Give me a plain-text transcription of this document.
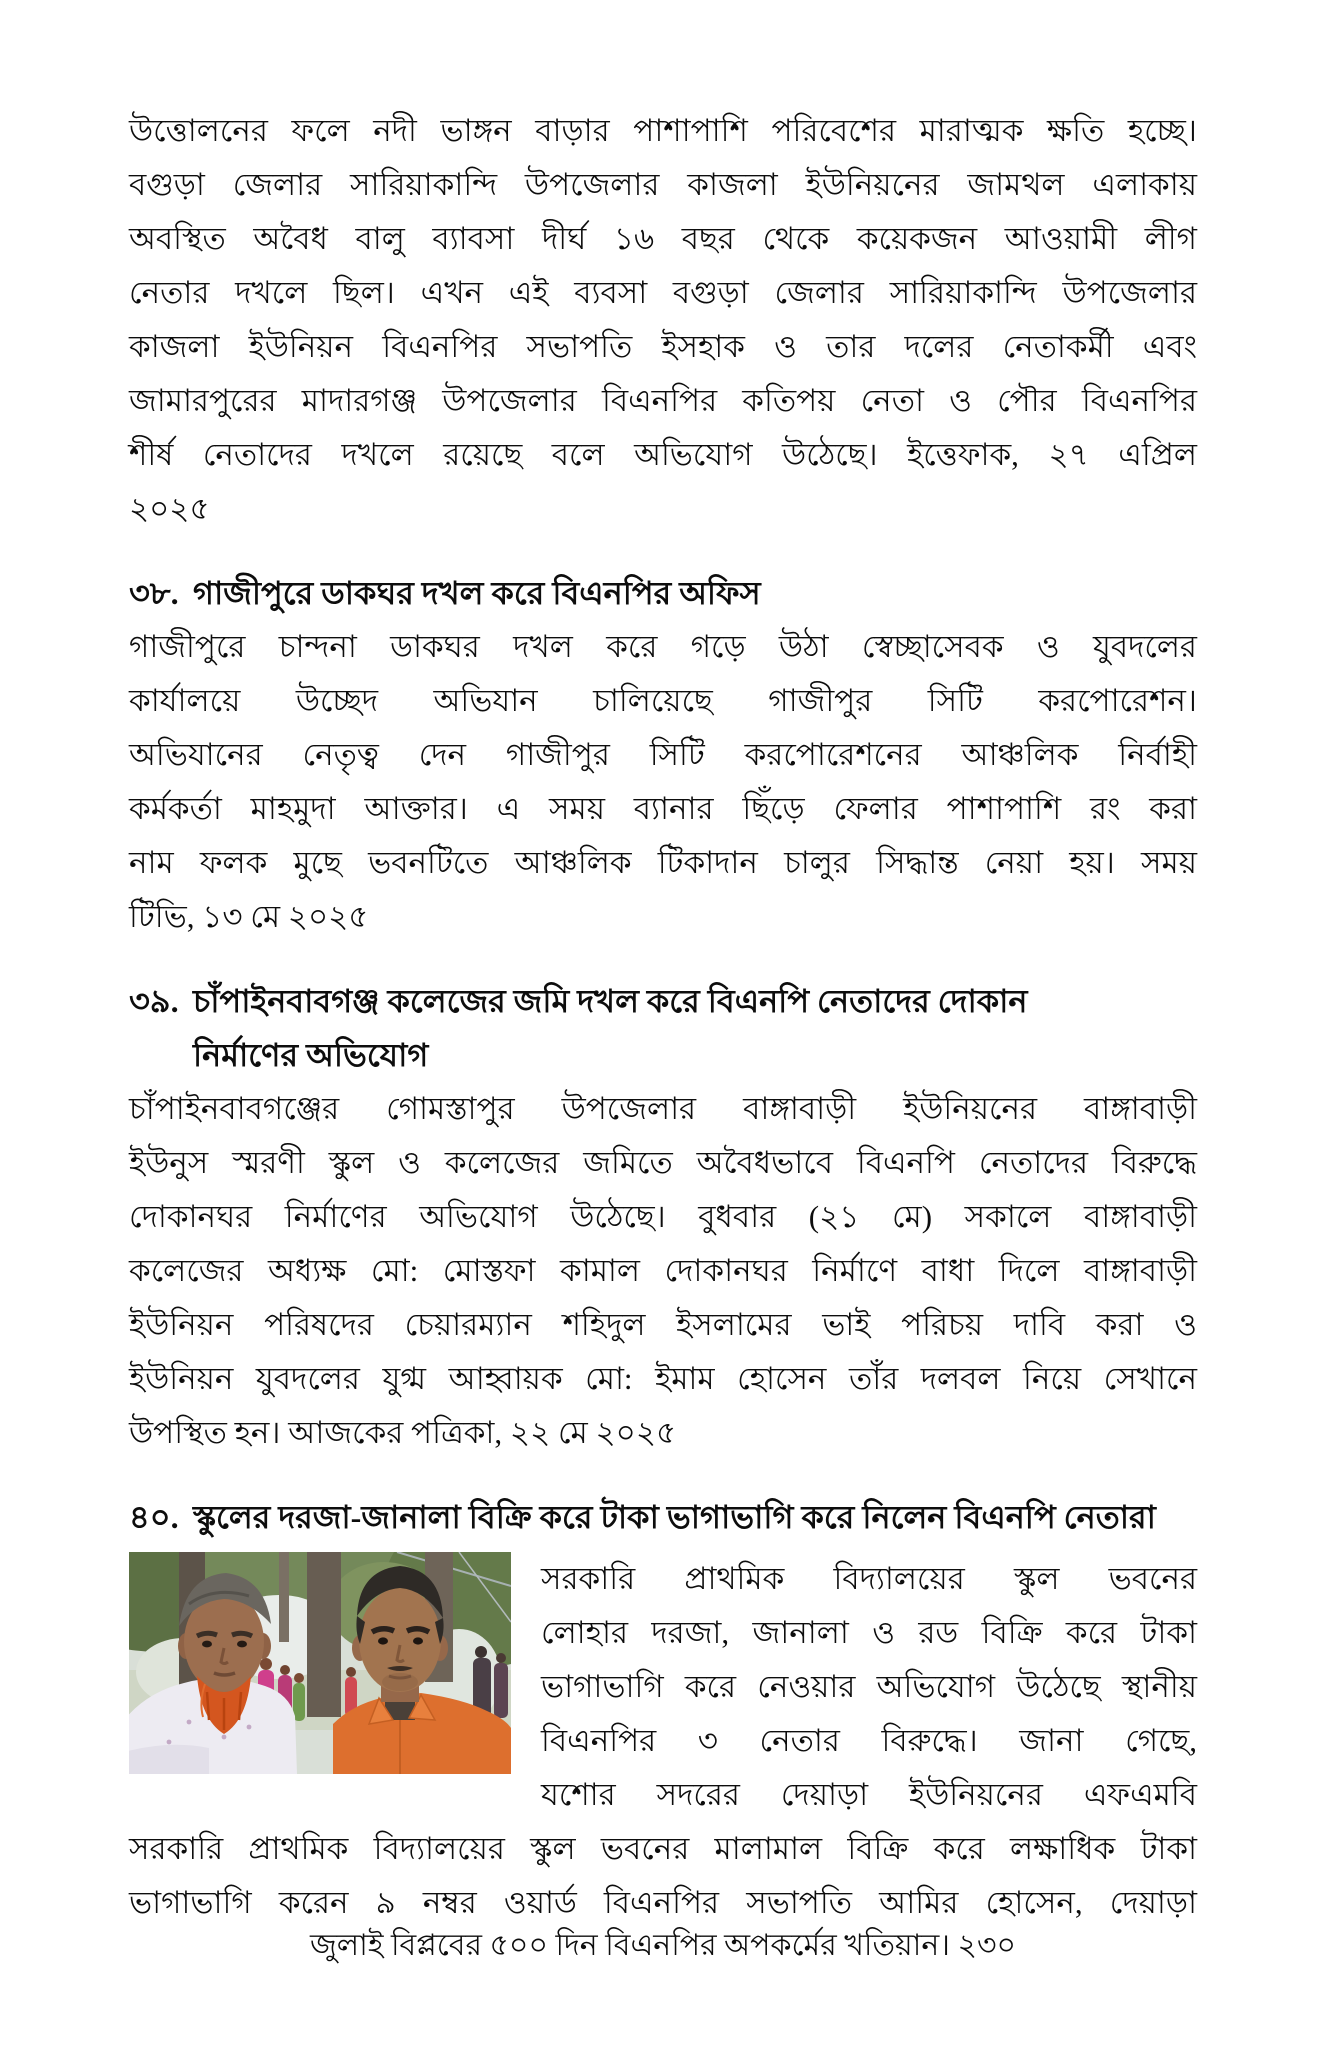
উত্তোলনের ফলে নদী ভাঙ্গন বাড়ার পাশাপাশি পরিবেশের মারাত্মক ক্ষতি হচ্ছে।
বগুড়া জেলার সারিয়াকান্দি উপজেলার কাজলা ইউনিয়নের জামথল এলাকায়
অবস্থিত অবৈধ বালু ব্যাবসা দীর্ঘ ১৬ বছর থেকে কয়েকজন আওয়ামী লীগ
নেতার দখলে ছিল। এখন এই ব্যবসা বগুড়া জেলার সারিয়াকান্দি উপজেলার
কাজলা ইউনিয়ন বিএনপির সভাপতি ইসহাক ও তার দলের নেতাকর্মী এবং
জামারপুরের মাদারগঞ্জ উপজেলার বিএনপির কতিপয় নেতা ও পৌর বিএনপির
শীর্ষ নেতাদের দখলে রয়েছে বলে অভিযোগ উঠেছে। ইত্তেফাক, ২৭ এপ্রিল
২০২৫
৩৮. গাজীপুরে ডাকঘর দখল করে বিএনপির অফিস
গাজীপুরে চান্দনা ডাকঘর দখল করে গড়ে উঠা স্বেচ্ছাসেবক ও যুবদলের
কার্যালয়ে উচ্ছেদ অভিযান চালিয়েছে গাজীপুর সিটি করপোরেশন।
অভিযানের নেতৃত্ব দেন গাজীপুর সিটি করপোরেশনের আঞ্চলিক নির্বাহী
কর্মকর্তা মাহমুদা আক্তার। এ সময় ব্যানার ছিঁড়ে ফেলার পাশাপাশি রং করা
নাম ফলক মুছে ভবনটিতে আঞ্চলিক টিকাদান চালুর সিদ্ধান্ত নেয়া হয়। সময়
টিভি, ১৩ মে ২০২৫
৩৯. চাঁপাইনবাবগঞ্জ কলেজের জমি দখল করে বিএনপি নেতাদের দোকান
নির্মাণের অভিযোগ
চাঁপাইনবাবগঞ্জের গোমস্তাপুর উপজেলার বাঙ্গাবাড়ী ইউনিয়নের বাঙ্গাবাড়ী
ইউনুস স্মরণী স্কুল ও কলেজের জমিতে অবৈধভাবে বিএনপি নেতাদের বিরুদ্ধে
দোকানঘর নির্মাণের অভিযোগ উঠেছে। বুধবার (২১ মে) সকালে বাঙ্গাবাড়ী
কলেজের অধ্যক্ষ মো: মোস্তফা কামাল দোকানঘর নির্মাণে বাধা দিলে বাঙ্গাবাড়ী
ইউনিয়ন পরিষদের চেয়ারম্যান শহিদুল ইসলামের ভাই পরিচয় দাবি করা ও
ইউনিয়ন যুবদলের যুগ্ম আহ্বায়ক মো: ইমাম হোসেন তাঁর দলবল নিয়ে সেখানে
উপস্থিত হন। আজকের পত্রিকা, ২২ মে ২০২৫
৪০. স্কুলের দরজা-জানালা বিক্রি করে টাকা ভাগাভাগি করে নিলেন বিএনপি নেতারা
সরকারি প্রাথমিক বিদ্যালয়ের স্কুল ভবনের
লোহার দরজা, জানালা ও রড বিক্রি করে টাকা
ভাগাভাগি করে নেওয়ার অভিযোগ উঠেছে স্থানীয়
বিএনপির ৩ নেতার বিরুদ্ধে। জানা গেছে,
যশোর সদরের দেয়াড়া ইউনিয়নের এফএমবি
সরকারি প্রাথমিক বিদ্যালয়ের স্কুল ভবনের মালামাল বিক্রি করে লক্ষাধিক টাকা
ভাগাভাগি করেন ৯ নম্বর ওয়ার্ড বিএনপির সভাপতি আমির হোসেন, দেয়াড়া
জুলাই বিপ্লবের ৫০০ দিন বিএনপির অপকর্মের খতিয়ান। ২৩০
